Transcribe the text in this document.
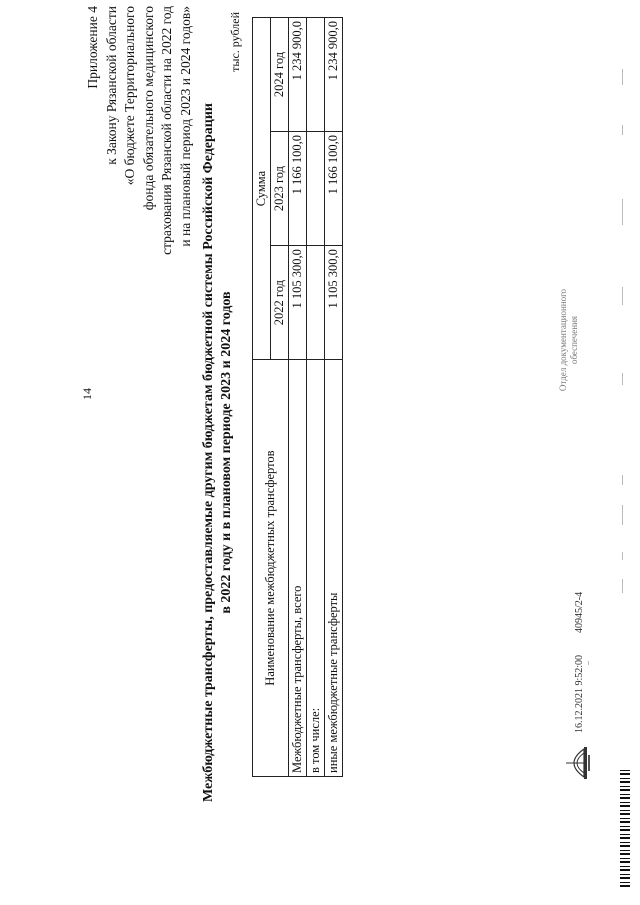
14
Приложение 4 к Закону Рязанской области «О бюджете Территориального фонда обязательного медицинского страхования Рязанской области на 2022 год и на плановый период 2023 и 2024 годов» Межбюджетные трансферты, предоставляемые другим бюджетам бюджетной системы Российской Федерации в 2022 году и в плановом периоде 2023 и 2024 годов
тыс. рублей
Наименование межбюджетных трансфертов	Сумма		
	2022 год	2023 год	2024 год
Межбюджетные трансферты, всего	1 105 300,0	1 166 100,0	1 234 900,0
в том числе:			
иные межбюджетные трансферты	1 105 300,0	1 166 100,0	1 234 900,0
16.12.2021 9:52:00
40945/2-4
Отдел документационного обеспечения
